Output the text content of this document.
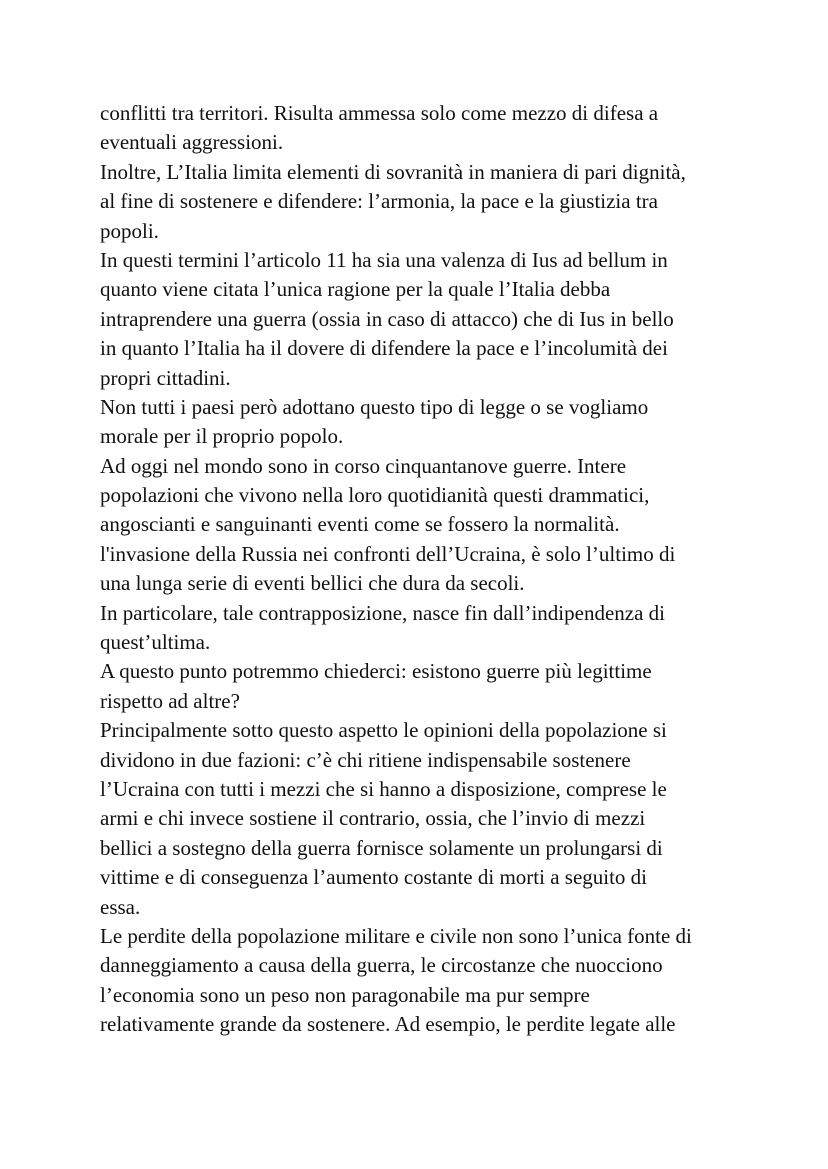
conflitti tra territori. Risulta ammessa solo come mezzo di difesa a
eventuali aggressioni.
Inoltre, L’Italia limita elementi di sovranità in maniera di pari dignità,
al fine di sostenere e difendere: l’armonia, la pace e la giustizia tra
popoli.
In questi termini l’articolo 11 ha sia una valenza di Ius ad bellum in
quanto viene citata l’unica ragione per la quale l’Italia debba
intraprendere una guerra (ossia in caso di attacco) che di Ius in bello
in quanto l’Italia ha il dovere di difendere la pace e l’incolumità dei
propri cittadini.
Non tutti i paesi però adottano questo tipo di legge o se vogliamo
morale per il proprio popolo.
Ad oggi nel mondo sono in corso cinquantanove guerre. Intere
popolazioni che vivono nella loro quotidianità questi drammatici,
angoscianti e sanguinanti eventi come se fossero la normalità.
l'invasione della Russia nei confronti dell’Ucraina, è solo l’ultimo di
una lunga serie di eventi bellici che dura da secoli.
In particolare, tale contrapposizione, nasce fin dall’indipendenza di
quest’ultima.
A questo punto potremmo chiederci: esistono guerre più legittime
rispetto ad altre?
Principalmente sotto questo aspetto le opinioni della popolazione si
dividono in due fazioni: c’è chi ritiene indispensabile sostenere
l’Ucraina con tutti i mezzi che si hanno a disposizione, comprese le
armi e chi invece sostiene il contrario, ossia, che l’invio di mezzi
bellici a sostegno della guerra fornisce solamente un prolungarsi di
vittime e di conseguenza l’aumento costante di morti a seguito di
essa.
Le perdite della popolazione militare e civile non sono l’unica fonte di
danneggiamento a causa della guerra, le circostanze che nuocciono
l’economia sono un peso non paragonabile ma pur sempre
relativamente grande da sostenere. Ad esempio, le perdite legate alle
